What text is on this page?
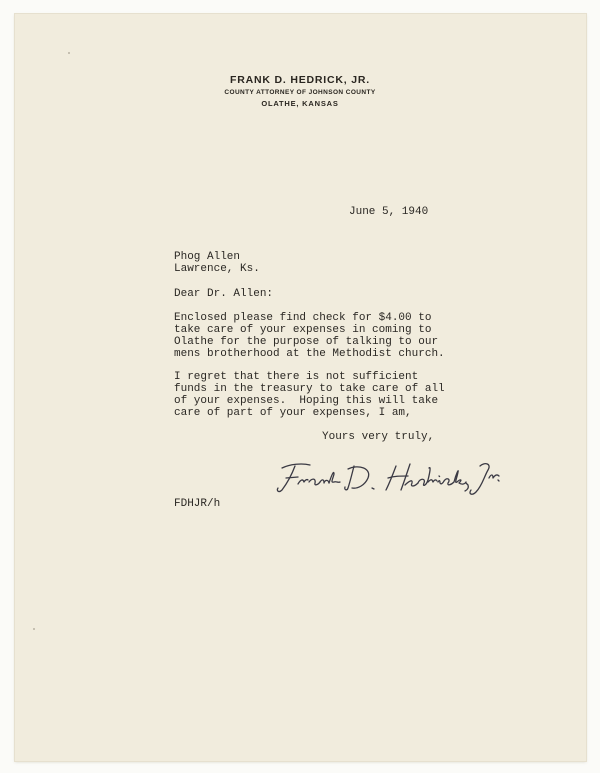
FRANK D. HEDRICK, JR.
COUNTY ATTORNEY OF JOHNSON COUNTY
OLATHE, KANSAS
June 5, 1940
Phog Allen
Lawrence, Ks.
Dear Dr. Allen:
Enclosed please find check for $4.00 to
take care of your expenses in coming to
Olathe for the purpose of talking to our
mens brotherhood at the Methodist church.
I regret that there is not sufficient
funds in the treasury to take care of all
of your expenses.  Hoping this will take
care of part of your expenses, I am,
Yours very truly,
FDHJR/h
